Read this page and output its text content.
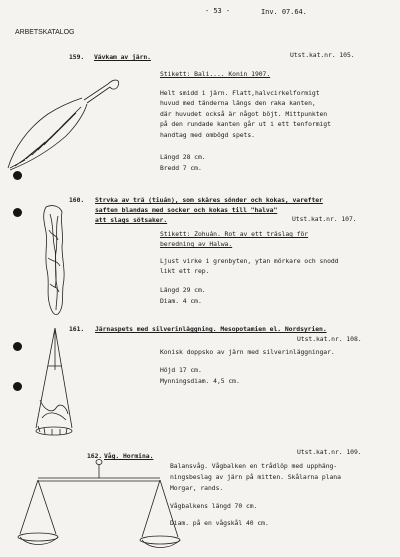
- 53 -	Inv. 07.64.
ARBETSKATALOG
159. Vävkam av järn.	Utst.kat.nr. 105.
Stikett: Bali.... Konin 1907.
Helt smidd i järn. Flatt,halvcirkelformigt
huvud med tänderna längs den raka kanten,
där huvudet också är något böjt. Mittpunkten
på den rundade kanten går ut i ett tenformigt
handtag med ombögd spets.
Längd 28 cm.
Bredd 7 cm.
160. Strvka av trä (tiuán), som skäres sönder och kokas, varefter
saften blandas med socker och kokas till "halva"
att slags sötsaker.	Utst.kat.nr. 107.
Stikett: Zohuán. Rot av ett träslag för
beredning av Halwa.
Ljust virke i grenbyten, ytan mörkare och snodd
likt ett rep.
Längd 29 cm.
Diam. 4 cm.
161. Järnaspets med silverinläggning. Mesopotamien el. Nordsyrien.
Utst.kat.nr. 108.
Konisk doppsko av järn med silverinläggningar.
Höjd 17 cm.
Mynningsdiam. 4,5 cm.
162. Våg. Hormina.	Utst.kat.nr. 109.
Balansvåg. Vågbalken en trådlöp med upphäng-
ningsbeslag av järn på mitten. Skålarna plana
Morgar, rands.
Vågbalkens längd 70 cm.
Diam. på en vågskål 40 cm.
